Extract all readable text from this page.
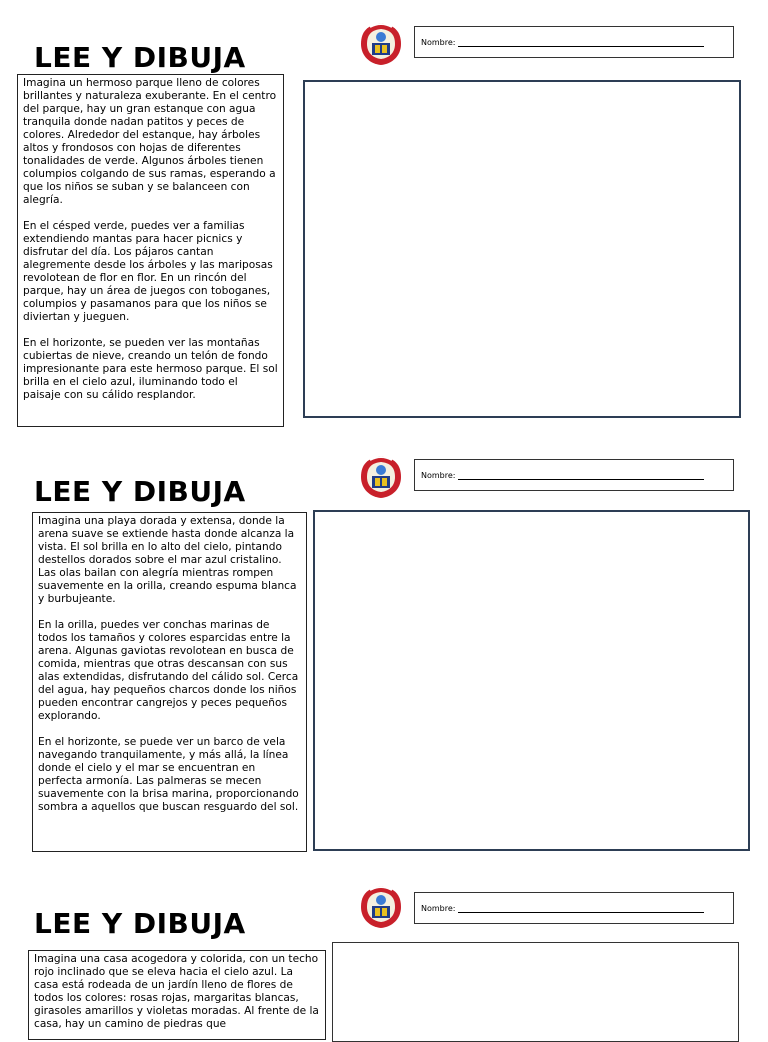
LEE Y DIBUJA	Nombre:

Imagina un hermoso parque lleno de colores brillantes y naturaleza exuberante. En el centro del parque, hay un gran estanque con agua tranquila donde nadan patitos y peces de colores. Alrededor del estanque, hay árboles altos y frondosos con hojas de diferentes tonalidades de verde. Algunos árboles tienen columpios colgando de sus ramas, esperando a que los niños se suban y se balanceen con alegría.

En el césped verde, puedes ver a familias extendiendo mantas para hacer picnics y disfrutar del día. Los pájaros cantan alegremente desde los árboles y las mariposas revolotean de flor en flor. En un rincón del parque, hay un área de juegos con toboganes, columpios y pasamanos para que los niños se diviertan y jueguen.

En el horizonte, se pueden ver las montañas cubiertas de nieve, creando un telón de fondo impresionante para este hermoso parque. El sol brilla en el cielo azul, iluminando todo el paisaje con su cálido resplandor.

LEE Y DIBUJA	Nombre:

Imagina una playa dorada y extensa, donde la arena suave se extiende hasta donde alcanza la vista. El sol brilla en lo alto del cielo, pintando destellos dorados sobre el mar azul cristalino. Las olas bailan con alegría mientras rompen suavemente en la orilla, creando espuma blanca y burbujeante.

En la orilla, puedes ver conchas marinas de todos los tamaños y colores esparcidas entre la arena. Algunas gaviotas revolotean en busca de comida, mientras que otras descansan con sus alas extendidas, disfrutando del cálido sol. Cerca del agua, hay pequeños charcos donde los niños pueden encontrar cangrejos y peces pequeños explorando.

En el horizonte, se puede ver un barco de vela navegando tranquilamente, y más allá, la línea donde el cielo y el mar se encuentran en perfecta armonía. Las palmeras se mecen suavemente con la brisa marina, proporcionando sombra a aquellos que buscan resguardo del sol.

LEE Y DIBUJA	Nombre:

Imagina una casa acogedora y colorida, con un techo rojo inclinado que se eleva hacia el cielo azul. La casa está rodeada de un jardín lleno de flores de todos los colores: rosas rojas, margaritas blancas, girasoles amarillos y violetas moradas. Al frente de la casa, hay un camino de piedras que
